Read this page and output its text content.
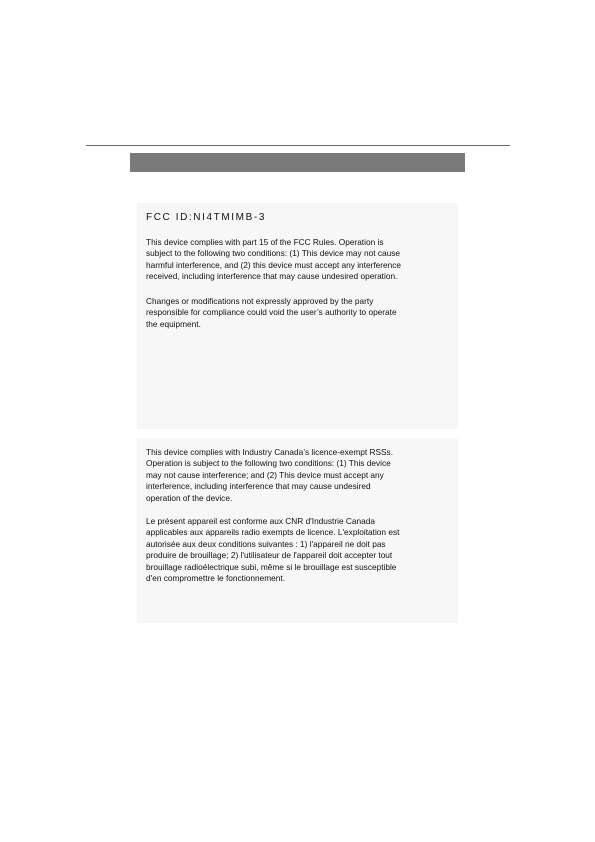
FCC ID:NI4TMIMB-3

This device complies with part 15 of the FCC Rules. Operation is
subject to the following two conditions: (1) This device may not cause
harmful interference, and (2) this device must accept any interference
received, including interference that may cause undesired operation.

Changes or modifications not expressly approved by the party
responsible for compliance could void the user’s authority to operate
the equipment.

This device complies with Industry Canada’s licence-exempt RSSs.
Operation is subject to the following two conditions: (1) This device
may not cause interference; and (2) This device must accept any
interference, including interference that may cause undesired
operation of the device.

Le présent appareil est conforme aux CNR d'Industrie Canada
applicables aux appareils radio exempts de licence. L'exploitation est
autorisée aux deux conditions suivantes : 1) l'appareil ne doit pas
produire de brouillage; 2) l'utilisateur de l'appareil doit accepter tout
brouillage radioélectrique subi, même si le brouillage est susceptible
d'en compromettre le fonctionnement.
